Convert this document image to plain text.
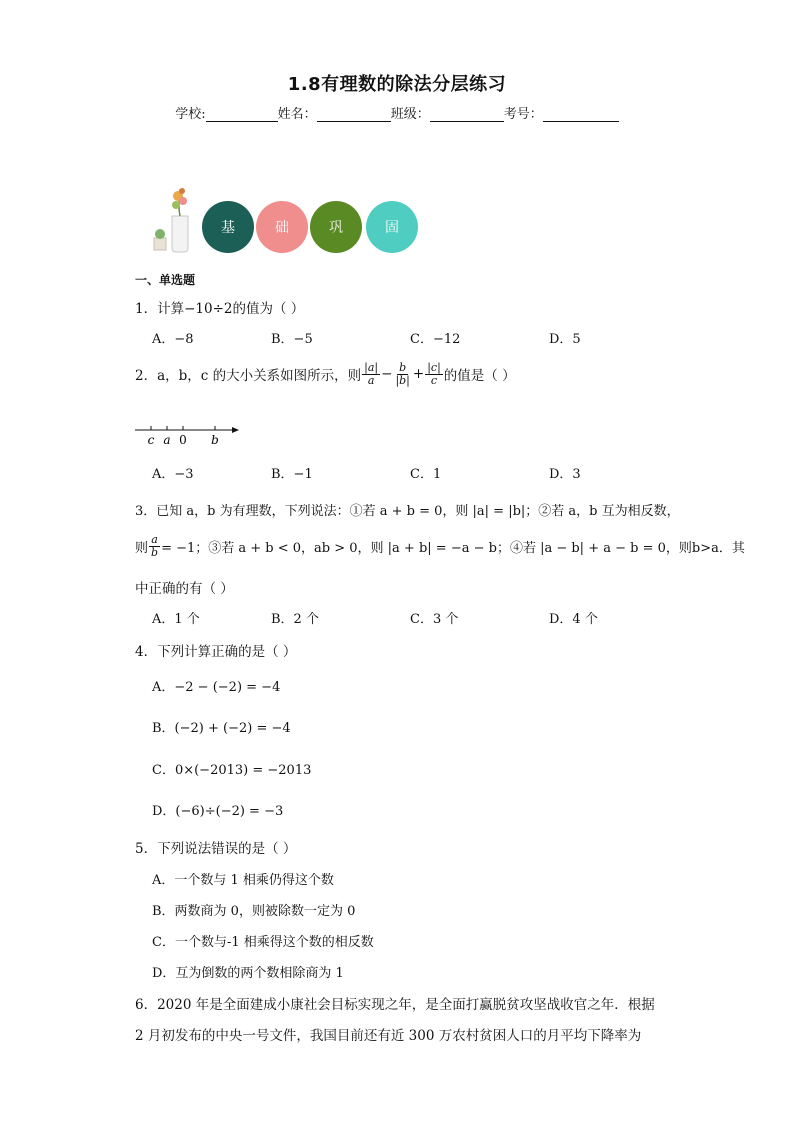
1.8有理数的除法分层练习
学校:	姓名：	班级：	考号：
基	础	巩	固
一、单选题
1．计算−10÷2的值为（ ）
A．−8	B．−5	C．−12	D．5
2．a，b，c 的大小关系如图所示，则 $\frac{|a|}{a} - \frac{b}{|b|} + \frac{|c|}{c}$ 的值是（ ）
c a 0 b
A．−3	B．−1	C．1	D．3
3．已知 a，b 为有理数，下列说法：①若 a + b = 0，则 |a| = |b|；②若 a，b 互为相反数，
则 $\frac{a}{b} = -1$；③若 a + b < 0，ab > 0，则 |a + b| = −a − b；④若 |a − b| + a − b = 0，则b>a．其
中正确的有（ ）
A．1 个	B．2 个	C．3 个	D．4 个
4．下列计算正确的是（ ）
A．−2 − (−2) = −4
B．(−2) + (−2) = −4
C．0×(−2013) = −2013
D．(−6)÷(−2) = −3
5．下列说法错误的是（ ）
A．一个数与 1 相乘仍得这个数
B．两数商为 0，则被除数一定为 0
C．一个数与-1 相乘得这个数的相反数
D．互为倒数的两个数相除商为 1
6．2020 年是全面建成小康社会目标实现之年，是全面打赢脱贫攻坚战收官之年．根据
2 月初发布的中央一号文件，我国目前还有近 300 万农村贫困人口的月平均下降率为
